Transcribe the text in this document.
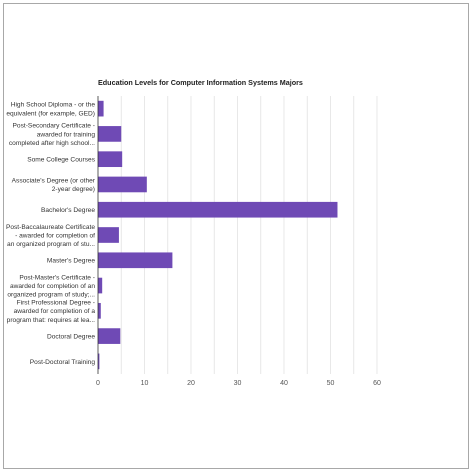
Education Levels for Computer Information Systems Majors
High School Diploma - or the
equivalent (for example, GED)
Post-Secondary Certificate -
awarded for training
completed after high school...
Some College Courses
Associate's Degree (or other
2-year degree)
Bachelor's Degree
Post-Baccalaureate Certificate
- awarded for completion of
an organized program of stu...
Master's Degree
Post-Master's Certificate -
awarded for completion of an
organized program of study;...
First Professional Degree -
awarded for completion of a
program that: requires at lea...
Doctoral Degree
Post-Doctoral Training
0	10	20	30	40	50	60
